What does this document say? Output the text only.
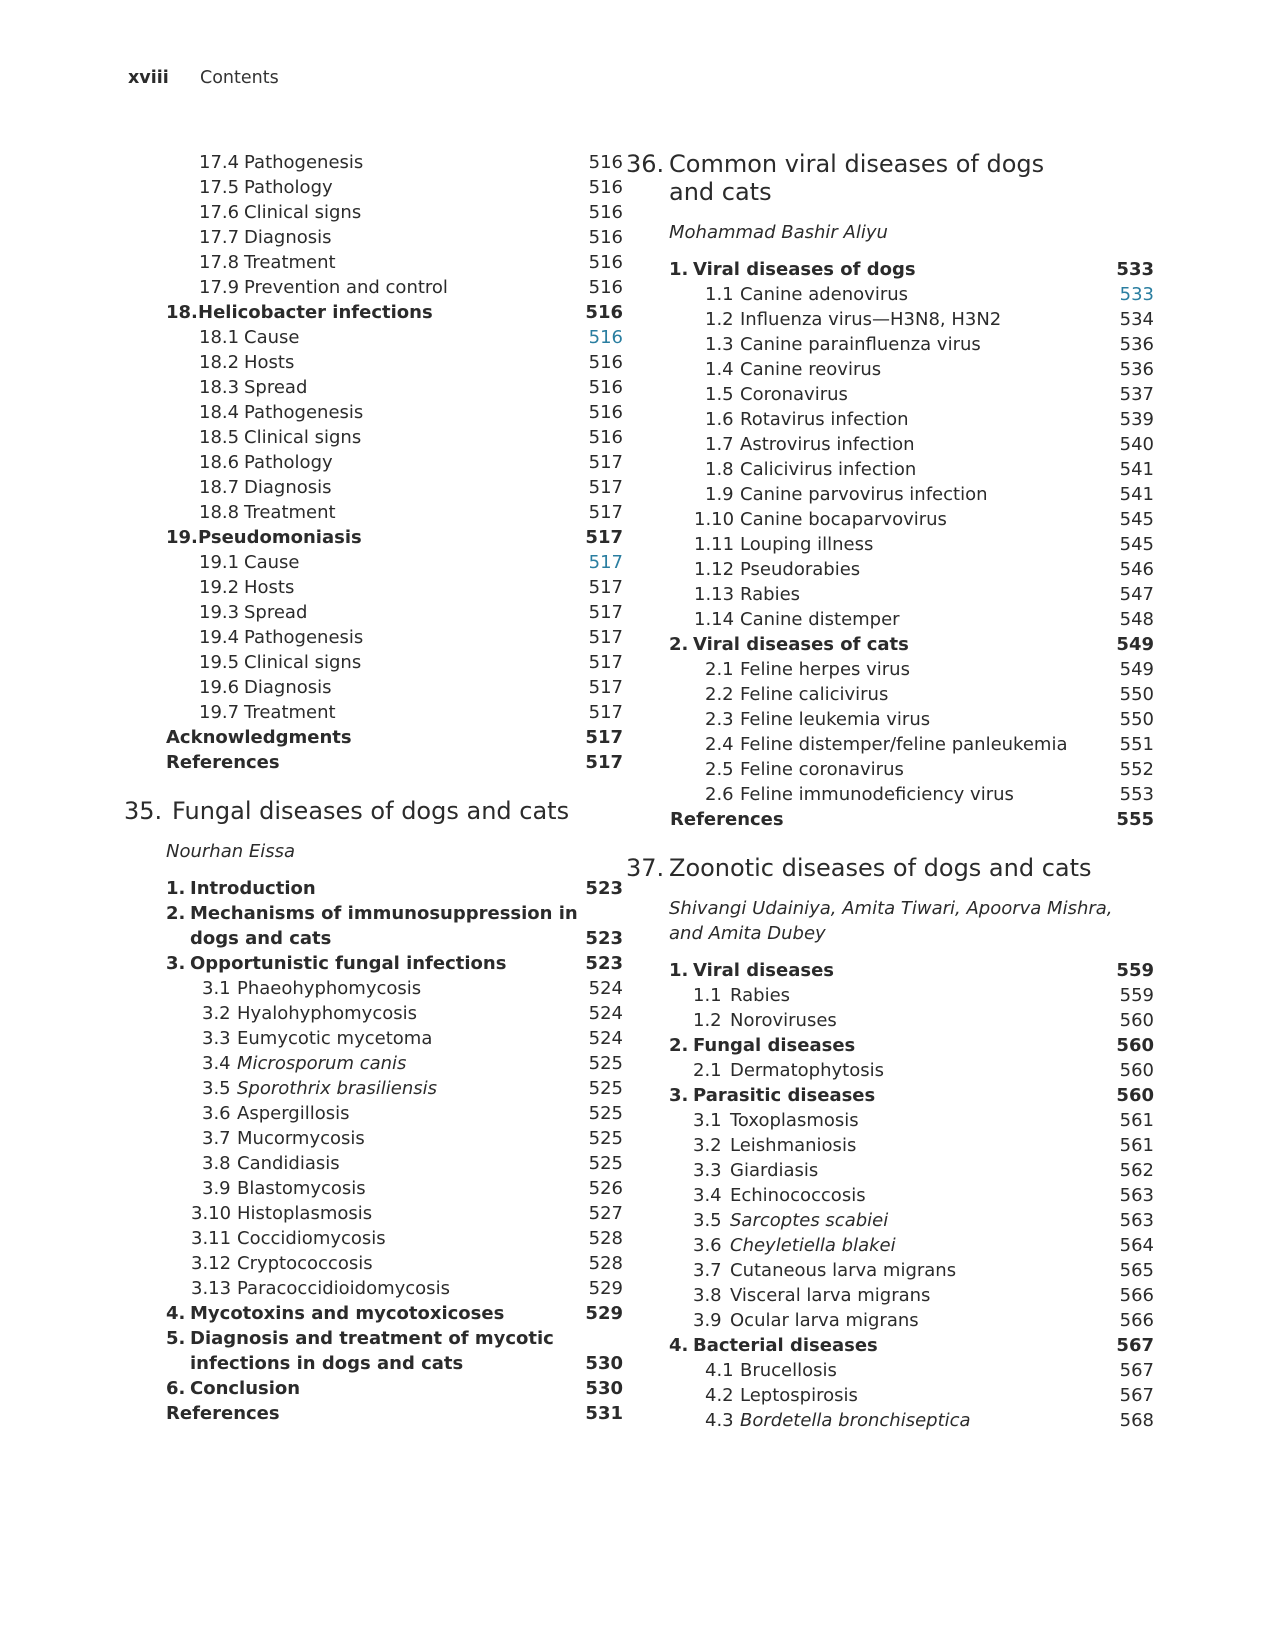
xviii	Contents
17.4 Pathogenesis	516
17.5 Pathology	516
17.6 Clinical signs	516
17.7 Diagnosis	516
17.8 Treatment	516
17.9 Prevention and control	516
18. Helicobacter infections	516
18.1 Cause	516
18.2 Hosts	516
18.3 Spread	516
18.4 Pathogenesis	516
18.5 Clinical signs	516
18.6 Pathology	517
18.7 Diagnosis	517
18.8 Treatment	517
19. Pseudomoniasis	517
19.1 Cause	517
19.2 Hosts	517
19.3 Spread	517
19.4 Pathogenesis	517
19.5 Clinical signs	517
19.6 Diagnosis	517
19.7 Treatment	517
Acknowledgments	517
References	517
35. Fungal diseases of dogs and cats
Nourhan Eissa
1. Introduction	523
2. Mechanisms of immunosuppression in
dogs and cats	523
3. Opportunistic fungal infections	523
3.1 Phaeohyphomycosis	524
3.2 Hyalohyphomycosis	524
3.3 Eumycotic mycetoma	524
3.4 Microsporum canis	525
3.5 Sporothrix brasiliensis	525
3.6 Aspergillosis	525
3.7 Mucormycosis	525
3.8 Candidiasis	525
3.9 Blastomycosis	526
3.10 Histoplasmosis	527
3.11 Coccidiomycosis	528
3.12 Cryptococcosis	528
3.13 Paracoccidioidomycosis	529
4. Mycotoxins and mycotoxicoses	529
5. Diagnosis and treatment of mycotic
infections in dogs and cats	530
6. Conclusion	530
References	531
36. Common viral diseases of dogs
and cats
Mohammad Bashir Aliyu
1. Viral diseases of dogs	533
1.1 Canine adenovirus	533
1.2 Influenza virus—H3N8, H3N2	534
1.3 Canine parainfluenza virus	536
1.4 Canine reovirus	536
1.5 Coronavirus	537
1.6 Rotavirus infection	539
1.7 Astrovirus infection	540
1.8 Calicivirus infection	541
1.9 Canine parvovirus infection	541
1.10 Canine bocaparvovirus	545
1.11 Louping illness	545
1.12 Pseudorabies	546
1.13 Rabies	547
1.14 Canine distemper	548
2. Viral diseases of cats	549
2.1 Feline herpes virus	549
2.2 Feline calicivirus	550
2.3 Feline leukemia virus	550
2.4 Feline distemper/feline panleukemia	551
2.5 Feline coronavirus	552
2.6 Feline immunodeficiency virus	553
References	555
37. Zoonotic diseases of dogs and cats
Shivangi Udainiya, Amita Tiwari, Apoorva Mishra,
and Amita Dubey
1. Viral diseases	559
1.1 Rabies	559
1.2 Noroviruses	560
2. Fungal diseases	560
2.1 Dermatophytosis	560
3. Parasitic diseases	560
3.1 Toxoplasmosis	561
3.2 Leishmaniosis	561
3.3 Giardiasis	562
3.4 Echinococcosis	563
3.5 Sarcoptes scabiei	563
3.6 Cheyletiella blakei	564
3.7 Cutaneous larva migrans	565
3.8 Visceral larva migrans	566
3.9 Ocular larva migrans	566
4. Bacterial diseases	567
4.1 Brucellosis	567
4.2 Leptospirosis	567
4.3 Bordetella bronchiseptica	568
